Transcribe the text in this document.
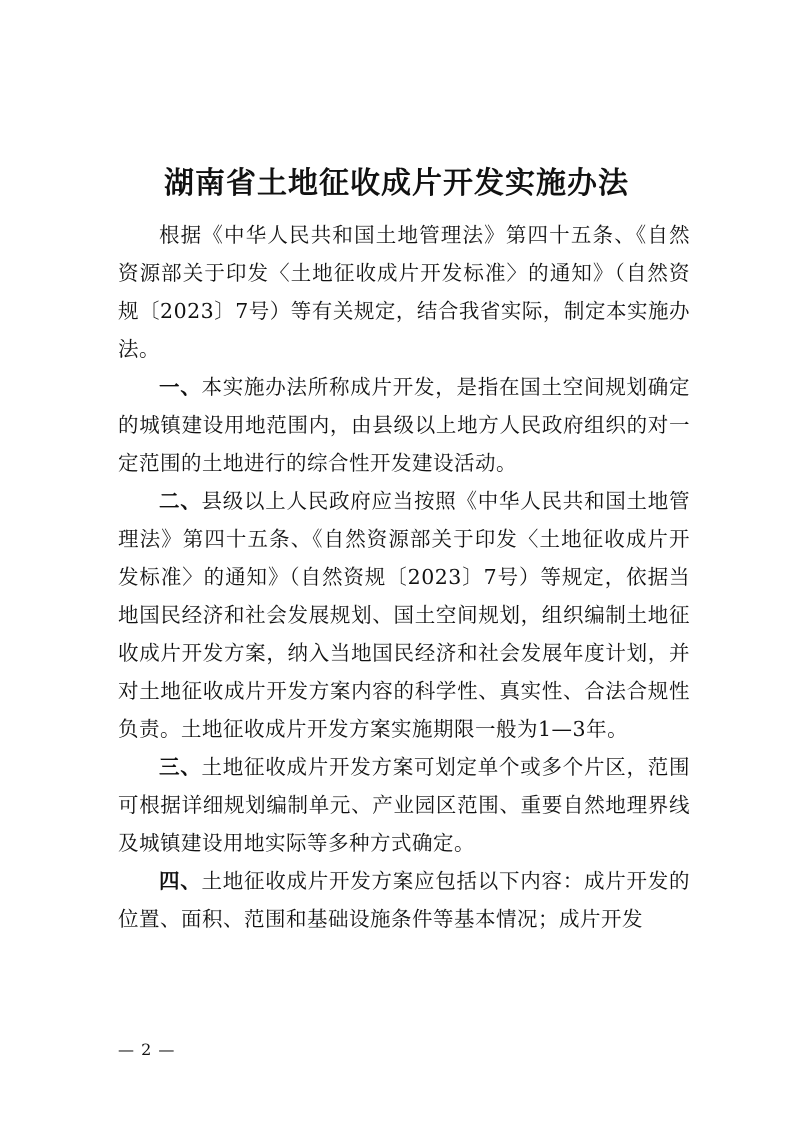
湖南省土地征收成片开发实施办法

根据《中华人民共和国土地管理法》第四十五条、《自然资源部关于印发〈土地征收成片开发标准〉的通知》（自然资规〔2023〕7号）等有关规定，结合我省实际，制定本实施办法。

一、本实施办法所称成片开发，是指在国土空间规划确定的城镇建设用地范围内，由县级以上地方人民政府组织的对一定范围的土地进行的综合性开发建设活动。

二、县级以上人民政府应当按照《中华人民共和国土地管理法》第四十五条、《自然资源部关于印发〈土地征收成片开发标准〉的通知》（自然资规〔2023〕7号）等规定，依据当地国民经济和社会发展规划、国土空间规划，组织编制土地征收成片开发方案，纳入当地国民经济和社会发展年度计划，并对土地征收成片开发方案内容的科学性、真实性、合法合规性负责。土地征收成片开发方案实施期限一般为1—3年。

三、土地征收成片开发方案可划定单个或多个片区，范围可根据详细规划编制单元、产业园区范围、重要自然地理界线及城镇建设用地实际等多种方式确定。

四、土地征收成片开发方案应包括以下内容：成片开发的位置、面积、范围和基础设施条件等基本情况；成片开发

— 2 —
